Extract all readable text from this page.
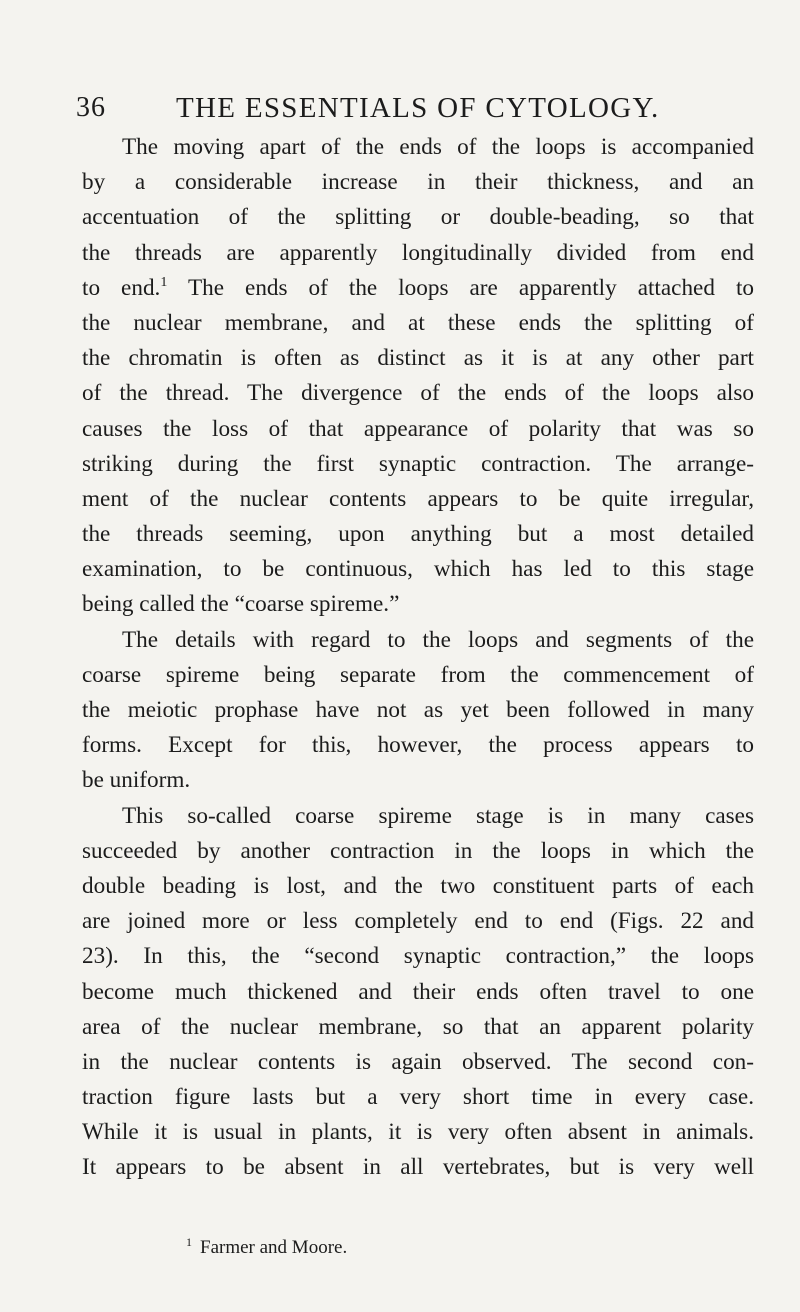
36 THE ESSENTIALS OF CYTOLOGY.
The moving apart of the ends of the loops is accompanied
by a considerable increase in their thickness, and an
accentuation of the splitting or double-beading, so that
the threads are apparently longitudinally divided from end
to end.$^1$ The ends of the loops are apparently attached to
the nuclear membrane, and at these ends the splitting of
the chromatin is often as distinct as it is at any other part
of the thread. The divergence of the ends of the loops also
causes the loss of that appearance of polarity that was so
striking during the first synaptic contraction. The arrange-
ment of the nuclear contents appears to be quite irregular,
the threads seeming, upon anything but a most detailed
examination, to be continuous, which has led to this stage
being called the “coarse spireme.”
The details with regard to the loops and segments of the
coarse spireme being separate from the commencement of
the meiotic prophase have not as yet been followed in many
forms. Except for this, however, the process appears to
be uniform.
This so-called coarse spireme stage is in many cases
succeeded by another contraction in the loops in which the
double beading is lost, and the two constituent parts of each
are joined more or less completely end to end (Figs. 22 and
23). In this, the “second synaptic contraction,” the loops
become much thickened and their ends often travel to one
area of the nuclear membrane, so that an apparent polarity
in the nuclear contents is again observed. The second con-
traction figure lasts but a very short time in every case.
While it is usual in plants, it is very often absent in animals.
It appears to be absent in all vertebrates, but is very well
$^1$ Farmer and Moore.
